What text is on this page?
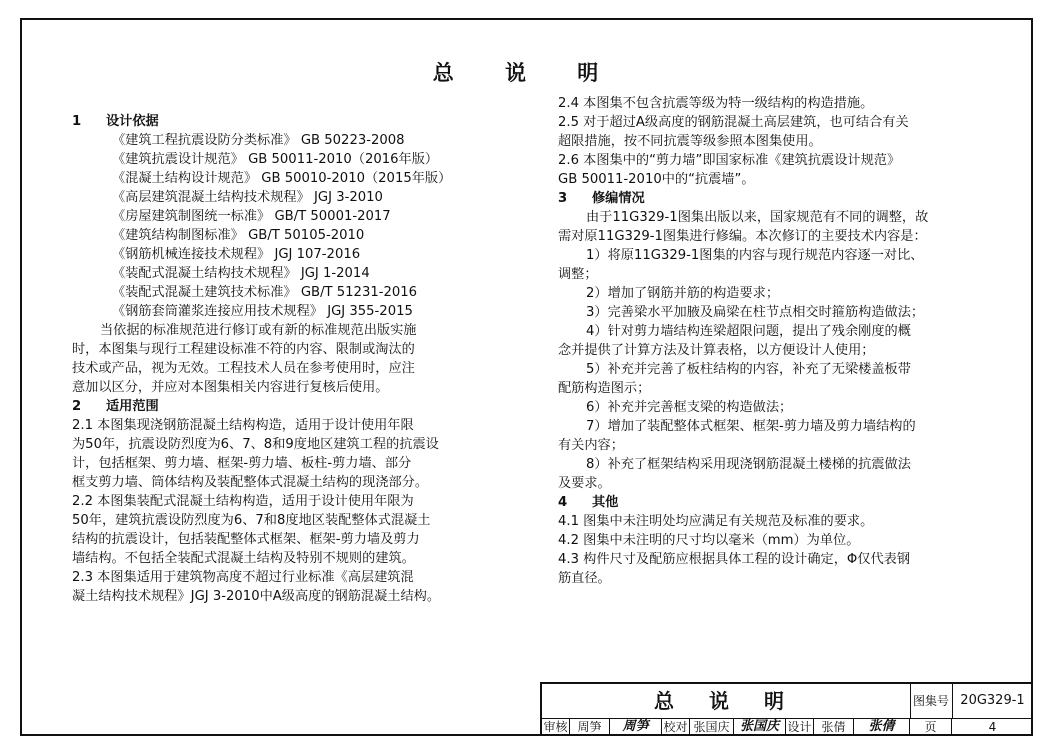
总 说 明
1 设计依据
《建筑工程抗震设防分类标准》 GB 50223-2008
《建筑抗震设计规范》 GB 50011-2010（2016年版）
《混凝土结构设计规范》 GB 50010-2010（2015年版）
《高层建筑混凝土结构技术规程》 JGJ 3-2010
《房屋建筑制图统一标准》 GB/T 50001-2017
《建筑结构制图标准》 GB/T 50105-2010
《钢筋机械连接技术规程》 JGJ 107-2016
《装配式混凝土结构技术规程》 JGJ 1-2014
《装配式混凝土建筑技术标准》 GB/T 51231-2016
《钢筋套筒灌浆连接应用技术规程》 JGJ 355-2015
当依据的标准规范进行修订或有新的标准规范出版实施
时，本图集与现行工程建设标准不符的内容、限制或淘汰的
技术或产品，视为无效。工程技术人员在参考使用时，应注
意加以区分，并应对本图集相关内容进行复核后使用。
2 适用范围
2.1 本图集现浇钢筋混凝土结构构造，适用于设计使用年限
为50年，抗震设防烈度为6、7、8和9度地区建筑工程的抗震设
计，包括框架、剪力墙、框架-剪力墙、板柱-剪力墙、部分
框支剪力墙、筒体结构及装配整体式混凝土结构的现浇部分。
2.2 本图集装配式混凝土结构构造，适用于设计使用年限为
50年，建筑抗震设防烈度为6、7和8度地区装配整体式混凝土
结构的抗震设计，包括装配整体式框架、框架-剪力墙及剪力
墙结构。不包括全装配式混凝土结构及特别不规则的建筑。
2.3 本图集适用于建筑物高度不超过行业标准《高层建筑混
凝土结构技术规程》JGJ 3-2010中A级高度的钢筋混凝土结构。
2.4 本图集不包含抗震等级为特一级结构的构造措施。
2.5 对于超过A级高度的钢筋混凝土高层建筑，也可结合有关
超限措施，按不同抗震等级参照本图集使用。
2.6 本图集中的“剪力墙”即国家标准《建筑抗震设计规范》
GB 50011-2010中的“抗震墙”。
3 修编情况
由于11G329-1图集出版以来，国家规范有不同的调整，故
需对原11G329-1图集进行修编。本次修订的主要技术内容是：
1）将原11G329-1图集的内容与现行规范内容逐一对比、
调整；
2）增加了钢筋并筋的构造要求；
3）完善梁水平加腋及扁梁在柱节点相交时箍筋构造做法；
4）针对剪力墙结构连梁超限问题，提出了残余刚度的概
念并提供了计算方法及计算表格，以方便设计人使用；
5）补充并完善了板柱结构的内容，补充了无梁楼盖板带
配筋构造图示；
6）补充并完善框支梁的构造做法；
7）增加了装配整体式框架、框架-剪力墙及剪力墙结构的
有关内容；
8）补充了框架结构采用现浇钢筋混凝土楼梯的抗震做法
及要求。
4 其他
4.1 图集中未注明处均应满足有关规范及标准的要求。
4.2 图集中未注明的尺寸均以毫米（mm）为单位。
4.3 构件尺寸及配筋应根据具体工程的设计确定，Φ仅代表钢
筋直径。
总 说 明	图集号 20G329-1
审核 周笋	周笋	校对 张国庆 张国庆 设计 张倩	张倩	页	4
